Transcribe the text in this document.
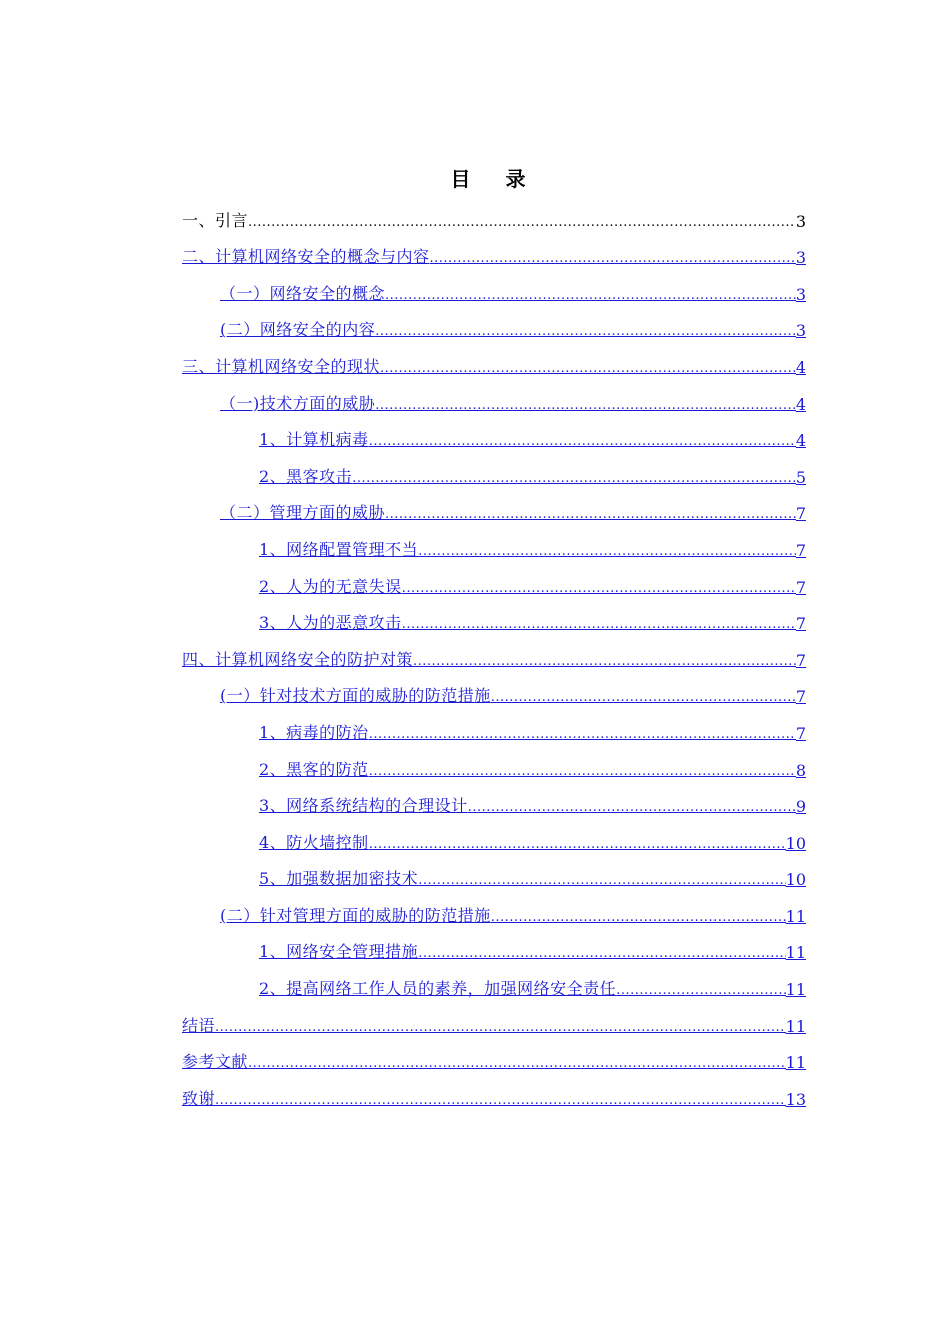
目 录
一、引言 .....	3
二、计算机网络安全的概念与内容 .....	3
（一）网络安全的概念 .....	3
(二）网络安全的内容 .....	3
三、计算机网络安全的现状 .....	4
（一)技术方面的威胁 .....	4
1、计算机病毒 .....	4
2、黑客攻击 .....	5
（二）管理方面的威胁 .....	7
1、网络配置管理不当 .....	7
2、人为的无意失误 .....	7
3、人为的恶意攻击 .....	7
四、计算机网络安全的防护对策 .....	7
(一）针对技术方面的威胁的防范措施 .....	7
1、病毒的防治 .....	7
2、黑客的防范 .....	8
3、网络系统结构的合理设计 .....	9
4、防火墙控制 .....	10
5、加强数据加密技术 .....	10
(二）针对管理方面的威胁的防范措施 .....	11
1、网络安全管理措施 .....	11
2、提高网络工作人员的素养，加强网络安全责任 .....	11
结语 .....	11
参考文献 .....	11
致谢 .....	13
